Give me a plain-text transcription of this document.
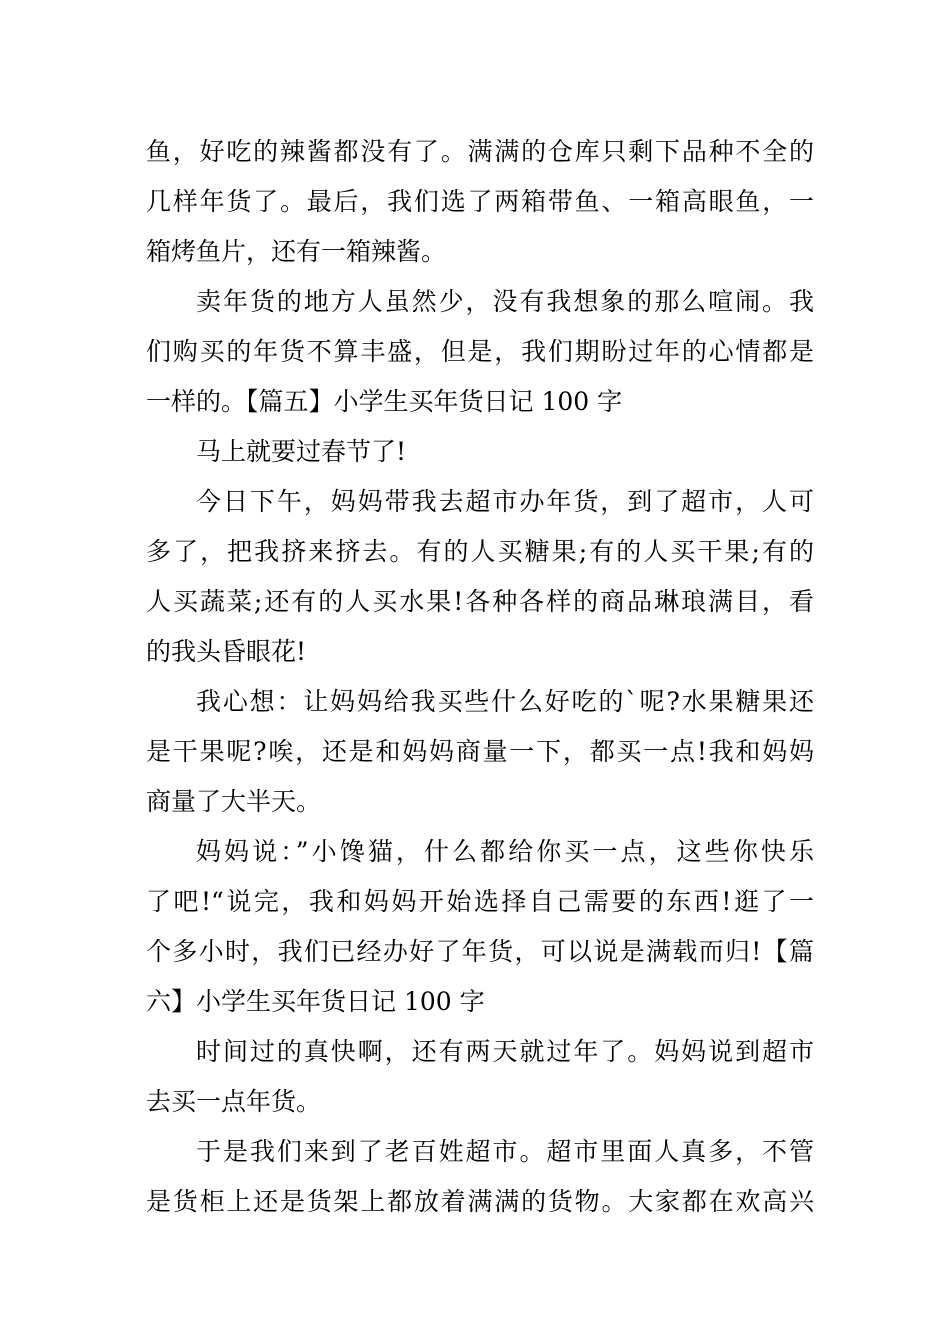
鱼，好吃的辣酱都没有了。满满的仓库只剩下品种不全的
几样年货了。最后，我们选了两箱带鱼、一箱高眼鱼，一
箱烤鱼片，还有一箱辣酱。
卖年货的地方人虽然少，没有我想象的那么喧闹。我
们购买的年货不算丰盛，但是，我们期盼过年的心情都是
一样的。【篇五】小学生买年货日记 100 字
马上就要过春节了!
今日下午，妈妈带我去超市办年货，到了超市，人可
多了，把我挤来挤去。有的人买糖果;有的人买干果;有的
人买蔬菜;还有的人买水果!各种各样的商品琳琅满目，看
的我头昏眼花!
我心想：让妈妈给我买些什么好吃的`呢?水果糖果还
是干果呢?唉，还是和妈妈商量一下，都买一点!我和妈妈
商量了大半天。
妈妈说：”小馋猫，什么都给你买一点，这些你快乐
了吧!“说完，我和妈妈开始选择自己需要的东西!逛了一
个多小时，我们已经办好了年货，可以说是满载而归!【篇
六】小学生买年货日记 100 字
时间过的真快啊，还有两天就过年了。妈妈说到超市
去买一点年货。
于是我们来到了老百姓超市。超市里面人真多，不管
是货柜上还是货架上都放着满满的货物。大家都在欢高兴
